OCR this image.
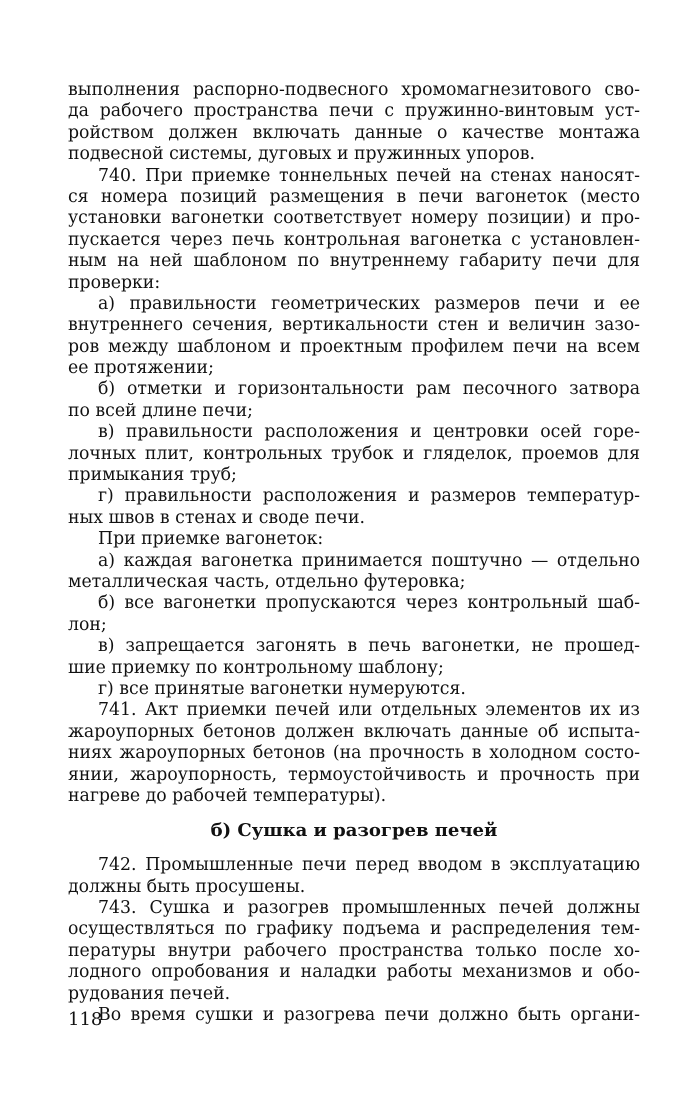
выполнения распорно-подвесного хромомагнезитового сво-
да рабочего пространства печи с пружинно-винтовым уст-
ройством должен включать данные о качестве монтажа
подвесной системы, дуговых и пружинных упоров.
740. При приемке тоннельных печей на стенах наносят-
ся номера позиций размещения в печи вагонеток (место
установки вагонетки соответствует номеру позиции) и про-
пускается через печь контрольная вагонетка с установлен-
ным на ней шаблоном по внутреннему габариту печи для
проверки:
а) правильности геометрических размеров печи и ее
внутреннего сечения, вертикальности стен и величин зазо-
ров между шаблоном и проектным профилем печи на всем
ее протяжении;
б) отметки и горизонтальности рам песочного затвора
по всей длине печи;
в) правильности расположения и центровки осей горе-
лочных плит, контрольных трубок и гляделок, проемов для
примыкания труб;
г) правильности расположения и размеров температур-
ных швов в стенах и своде печи.
При приемке вагонеток:
а) каждая вагонетка принимается поштучно — отдельно
металлическая часть, отдельно футеровка;
б) все вагонетки пропускаются через контрольный шаб-
лон;
в) запрещается загонять в печь вагонетки, не прошед-
шие приемку по контрольному шаблону;
г) все принятые вагонетки нумеруются.
741. Акт приемки печей или отдельных элементов их из
жароупорных бетонов должен включать данные об испыта-
ниях жароупорных бетонов (на прочность в холодном состо-
янии, жароупорность, термоустойчивость и прочность при
нагреве до рабочей температуры).
б) Сушка и разогрев печей
742. Промышленные печи перед вводом в эксплуатацию
должны быть просушены.
743. Сушка и разогрев промышленных печей должны
осуществляться по графику подъема и распределения тем-
пературы внутри рабочего пространства только после хо-
лодного опробования и наладки работы механизмов и обо-
рудования печей.
Во время сушки и разогрева печи должно быть органи-
118
